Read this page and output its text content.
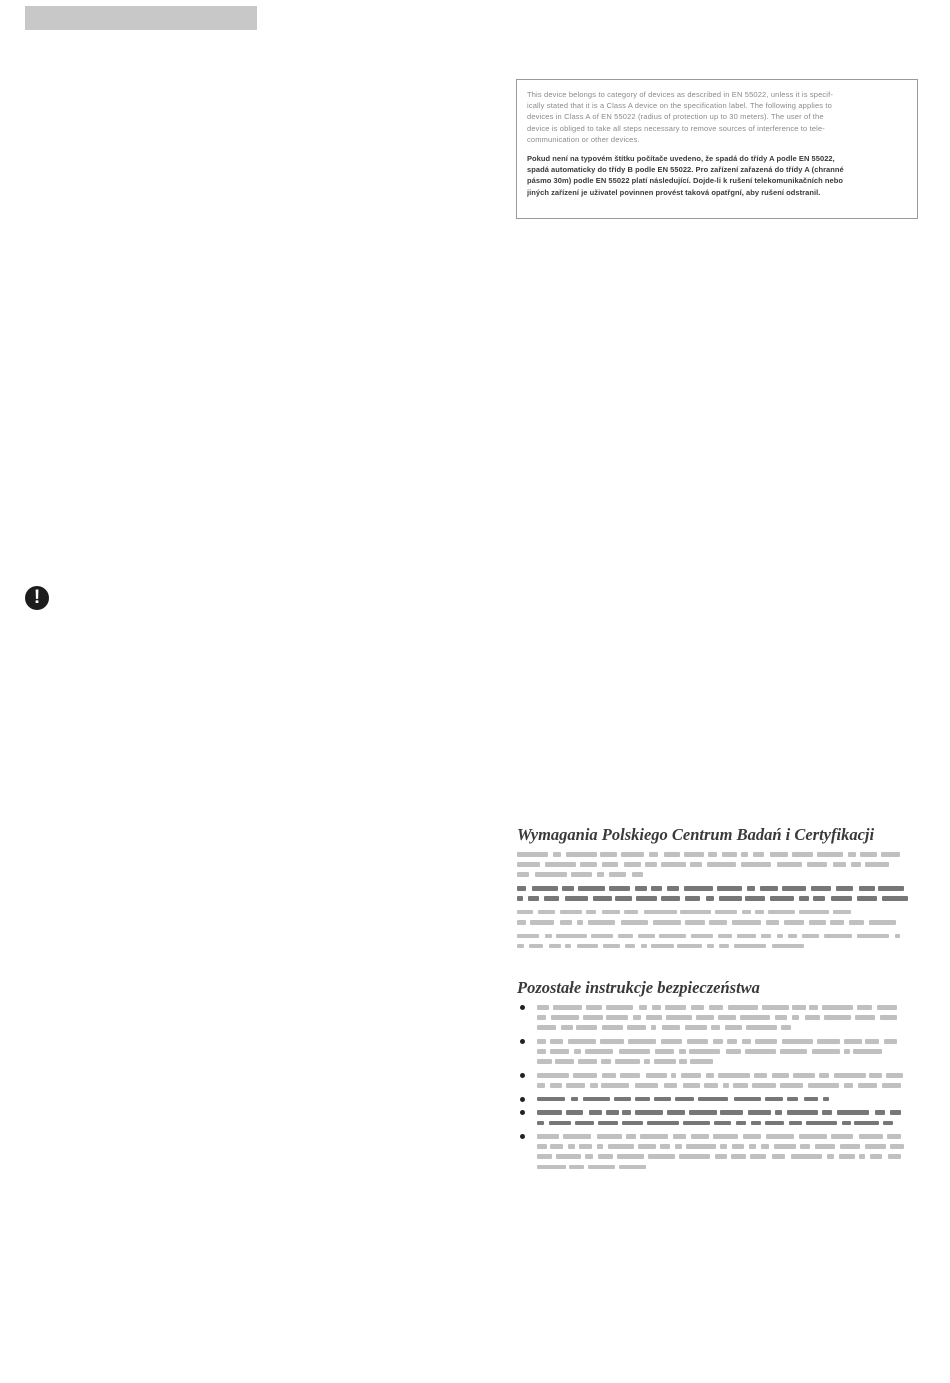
This device belongs to category of devices as described in EN 55022, unless it is specif-
ically stated that it is a Class A device on the specification label. The following applies to
devices in Class A of EN 55022 (radius of protection up to 30 meters). The user of the
device is obliged to take all steps necessary to remove sources of interference to tele-
communication or other devices.
Pokud není na typovém štítku počítače uvedeno, že spadá do třídy A podle EN 55022,
spadá automaticky do třídy B podle EN 55022. Pro zařízení zařazená do třídy A (chranné
pásmo 30m) podle EN 55022 platí následující. Dojde-li k rušení telekomunikačních nebo
jiných zařízení je uživatel povinnen provést taková opatřgní, aby rušení odstranil.
!
Wymagania Polskiego Centrum Badań i Certyfikacji
Pozostałe instrukcje bezpieczeństwa
